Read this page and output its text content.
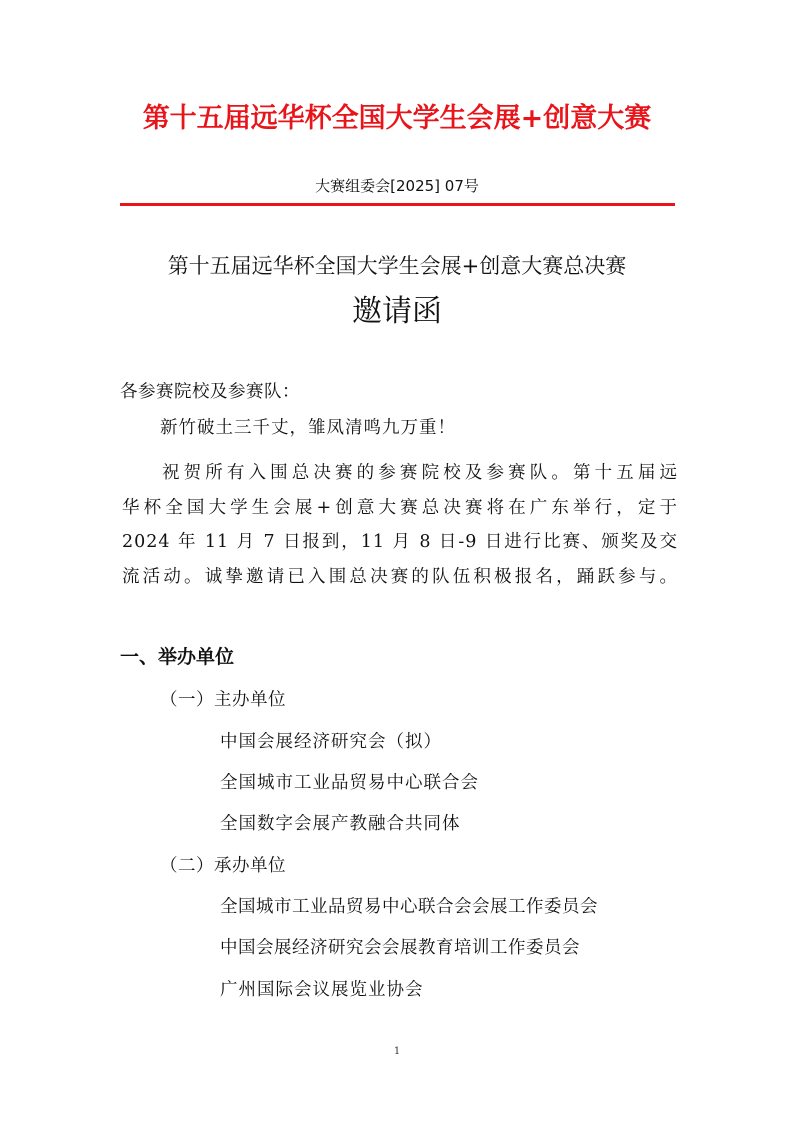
第十五届远华杯全国大学生会展+创意大赛
大赛组委会[2025] 07号
第十五届远华杯全国大学生会展+创意大赛总决赛
邀请函
各参赛院校及参赛队：
新竹破土三千丈，雏凤清鸣九万重！
祝贺所有入围总决赛的参赛院校及参赛队。第十五届远
华杯全国大学生会展+创意大赛总决赛将在广东举行，定于
2024 年 11 月 7 日报到，11 月 8 日-9 日进行比赛、颁奖及交
流活动。诚挚邀请已入围总决赛的队伍积极报名，踊跃参与。
一、举办单位
（一）主办单位
中国会展经济研究会（拟）
全国城市工业品贸易中心联合会
全国数字会展产教融合共同体
（二）承办单位
全国城市工业品贸易中心联合会会展工作委员会
中国会展经济研究会会展教育培训工作委员会
广州国际会议展览业协会
1
